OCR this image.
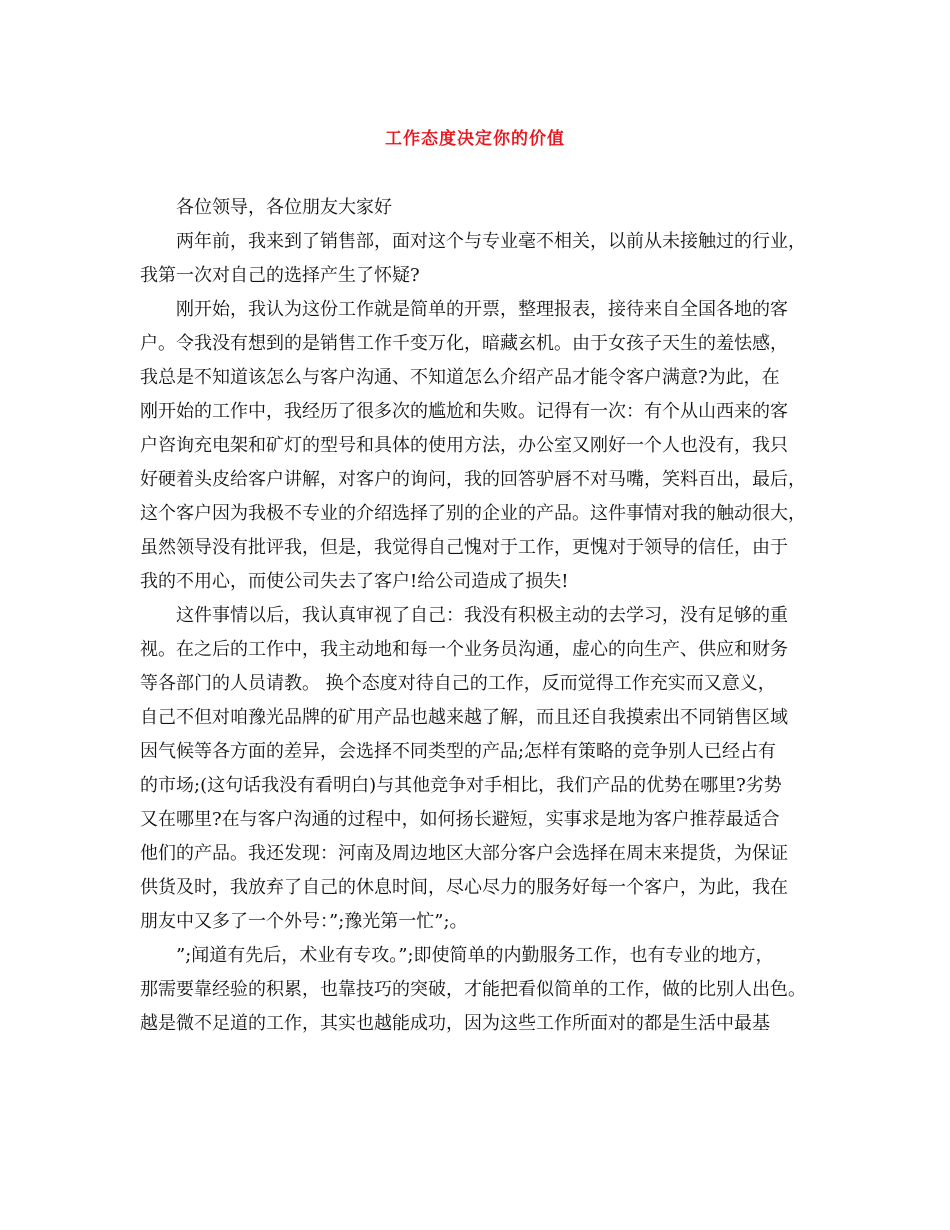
工作态度决定你的价值

各位领导，各位朋友大家好

两年前，我来到了销售部，面对这个与专业毫不相关，以前从未接触过的行业，

我第一次对自己的选择产生了怀疑?

刚开始，我认为这份工作就是简单的开票，整理报表，接待来自全国各地的客

户。令我没有想到的是销售工作千变万化，暗藏玄机。由于女孩子天生的羞怯感，

我总是不知道该怎么与客户沟通、不知道怎么介绍产品才能令客户满意?为此，在

刚开始的工作中，我经历了很多次的尴尬和失败。记得有一次：有个从山西来的客

户咨询充电架和矿灯的型号和具体的使用方法，办公室又刚好一个人也没有，我只

好硬着头皮给客户讲解，对客户的询问，我的回答驴唇不对马嘴，笑料百出，最后，

这个客户因为我极不专业的介绍选择了别的企业的产品。这件事情对我的触动很大，

虽然领导没有批评我，但是，我觉得自己愧对于工作，更愧对于领导的信任，由于

我的不用心，而使公司失去了客户!给公司造成了损失!

这件事情以后，我认真审视了自己：我没有积极主动的去学习，没有足够的重

视。在之后的工作中，我主动地和每一个业务员沟通，虚心的向生产、供应和财务

等各部门的人员请教。 换个态度对待自己的工作，反而觉得工作充实而又意义，

自己不但对咱豫光品牌的矿用产品也越来越了解，而且还自我摸索出不同销售区域

因气候等各方面的差异，会选择不同类型的产品;怎样有策略的竞争别人已经占有

的市场;(这句话我没有看明白)与其他竞争对手相比，我们产品的优势在哪里?劣势

又在哪里?在与客户沟通的过程中，如何扬长避短，实事求是地为客户推荐最适合

他们的产品。我还发现：河南及周边地区大部分客户会选择在周末来提货，为保证

供货及时，我放弃了自己的休息时间，尽心尽力的服务好每一个客户，为此，我在

朋友中又多了一个外号：”;豫光第一忙”;。

”;闻道有先后，术业有专攻。”;即使简单的内勤服务工作，也有专业的地方，

那需要靠经验的积累，也靠技巧的突破，才能把看似简单的工作，做的比别人出色。

越是微不足道的工作，其实也越能成功，因为这些工作所面对的都是生活中最基
